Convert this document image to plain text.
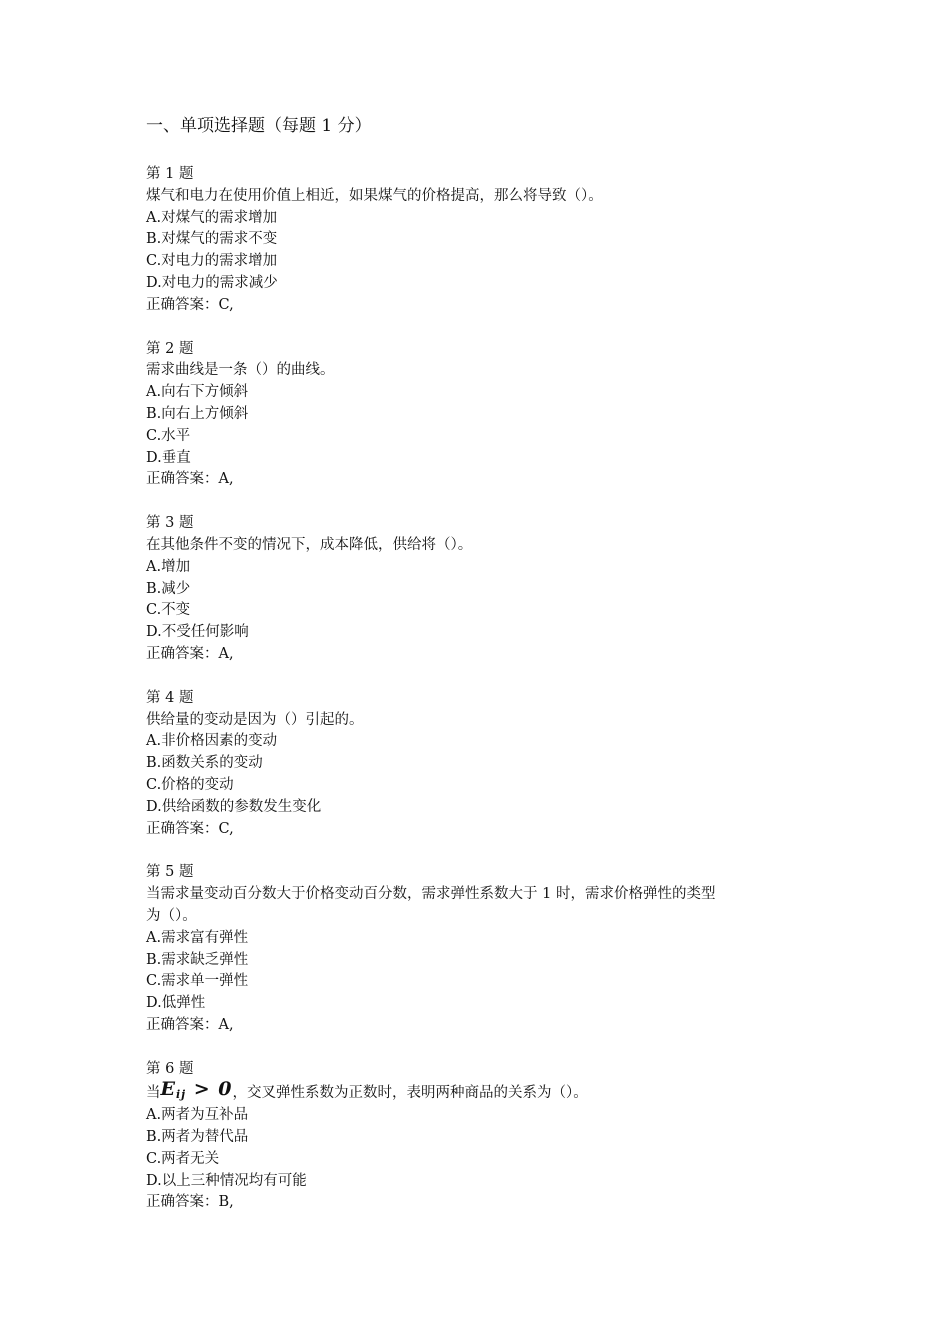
一、单项选择题（每题 1 分）
第 1 题
煤气和电力在使用价值上相近，如果煤气的价格提高，那么将导致（）。
A.对煤气的需求增加
B.对煤气的需求不变
C.对电力的需求增加
D.对电力的需求减少
正确答案：C,
第 2 题
需求曲线是一条（）的曲线。
A.向右下方倾斜
B.向右上方倾斜
C.水平
D.垂直
正确答案：A,
第 3 题
在其他条件不变的情况下，成本降低，供给将（）。
A.增加
B.减少
C.不变
D.不受任何影响
正确答案：A,
第 4 题
供给量的变动是因为（）引起的。
A.非价格因素的变动
B.函数关系的变动
C.价格的变动
D.供给函数的参数发生变化
正确答案：C,
第 5 题
当需求量变动百分数大于价格变动百分数，需求弹性系数大于 1 时，需求价格弹性的类型
为（）。
A.需求富有弹性
B.需求缺乏弹性
C.需求单一弹性
D.低弹性
正确答案：A,
第 6 题
当$E_{ij} > 0$，交叉弹性系数为正数时，表明两种商品的关系为（）。
A.两者为互补品
B.两者为替代品
C.两者无关
D.以上三种情况均有可能
正确答案：B,
